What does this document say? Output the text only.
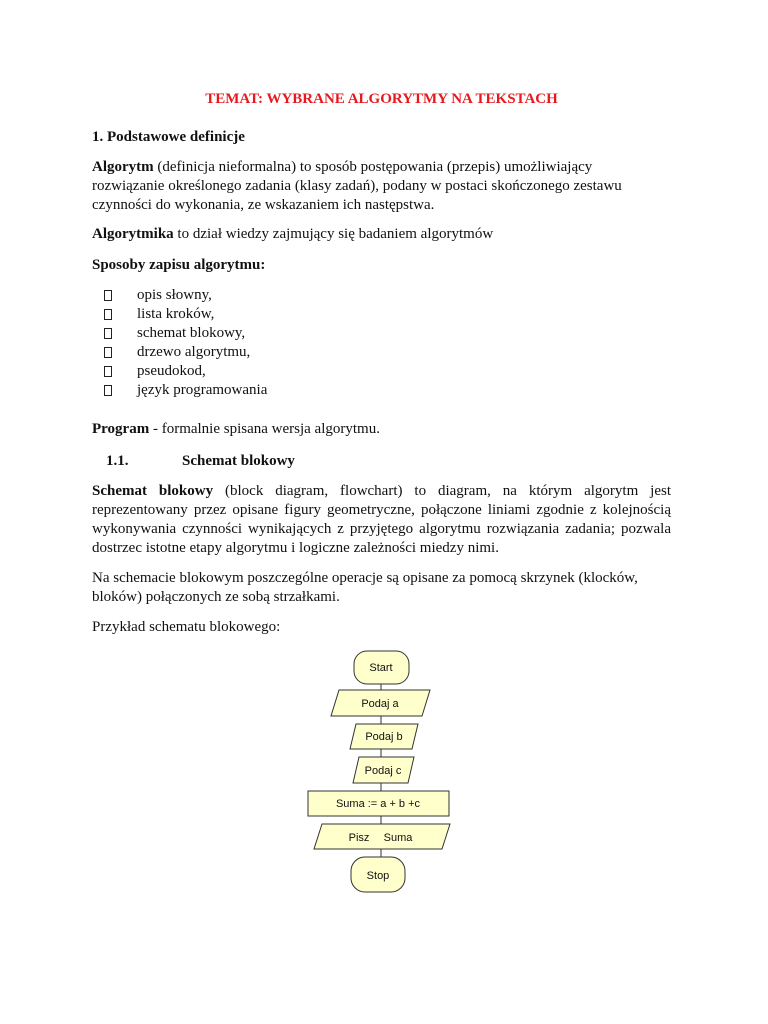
TEMAT: WYBRANE ALGORYTMY NA TEKSTACH
1. Podstawowe definicje
Algorytm (definicja nieformalna) to sposób postępowania (przepis) umożliwiający
rozwiązanie określonego zadania (klasy zadań), podany w postaci skończonego zestawu
czynności do wykonania, ze wskazaniem ich następstwa.
Algorytmika to dział wiedzy zajmujący się badaniem algorytmów
Sposoby zapisu algorytmu:
opis słowny,
lista kroków,
schemat blokowy,
drzewo algorytmu,
pseudokod,
język programowania
Program - formalnie spisana wersja algorytmu.
1.1.	Schemat blokowy
Schemat blokowy (block diagram, flowchart) to diagram, na którym algorytm jest reprezentowany przez opisane figury geometryczne, połączone liniami zgodnie z kolejnością wykonywania czynności wynikających z przyjętego algorytmu rozwiązania zadania; pozwala dostrzec istotne etapy algorytmu i logiczne zależności miedzy nimi.
Na schemacie blokowym poszczególne operacje są opisane za pomocą skrzynek (klocków,
bloków) połączonych ze sobą strzałkami.
Przykład schematu blokowego:
Start
Podaj a
Podaj b
Podaj c
Suma := a + b +c
Pisz Suma
Stop
